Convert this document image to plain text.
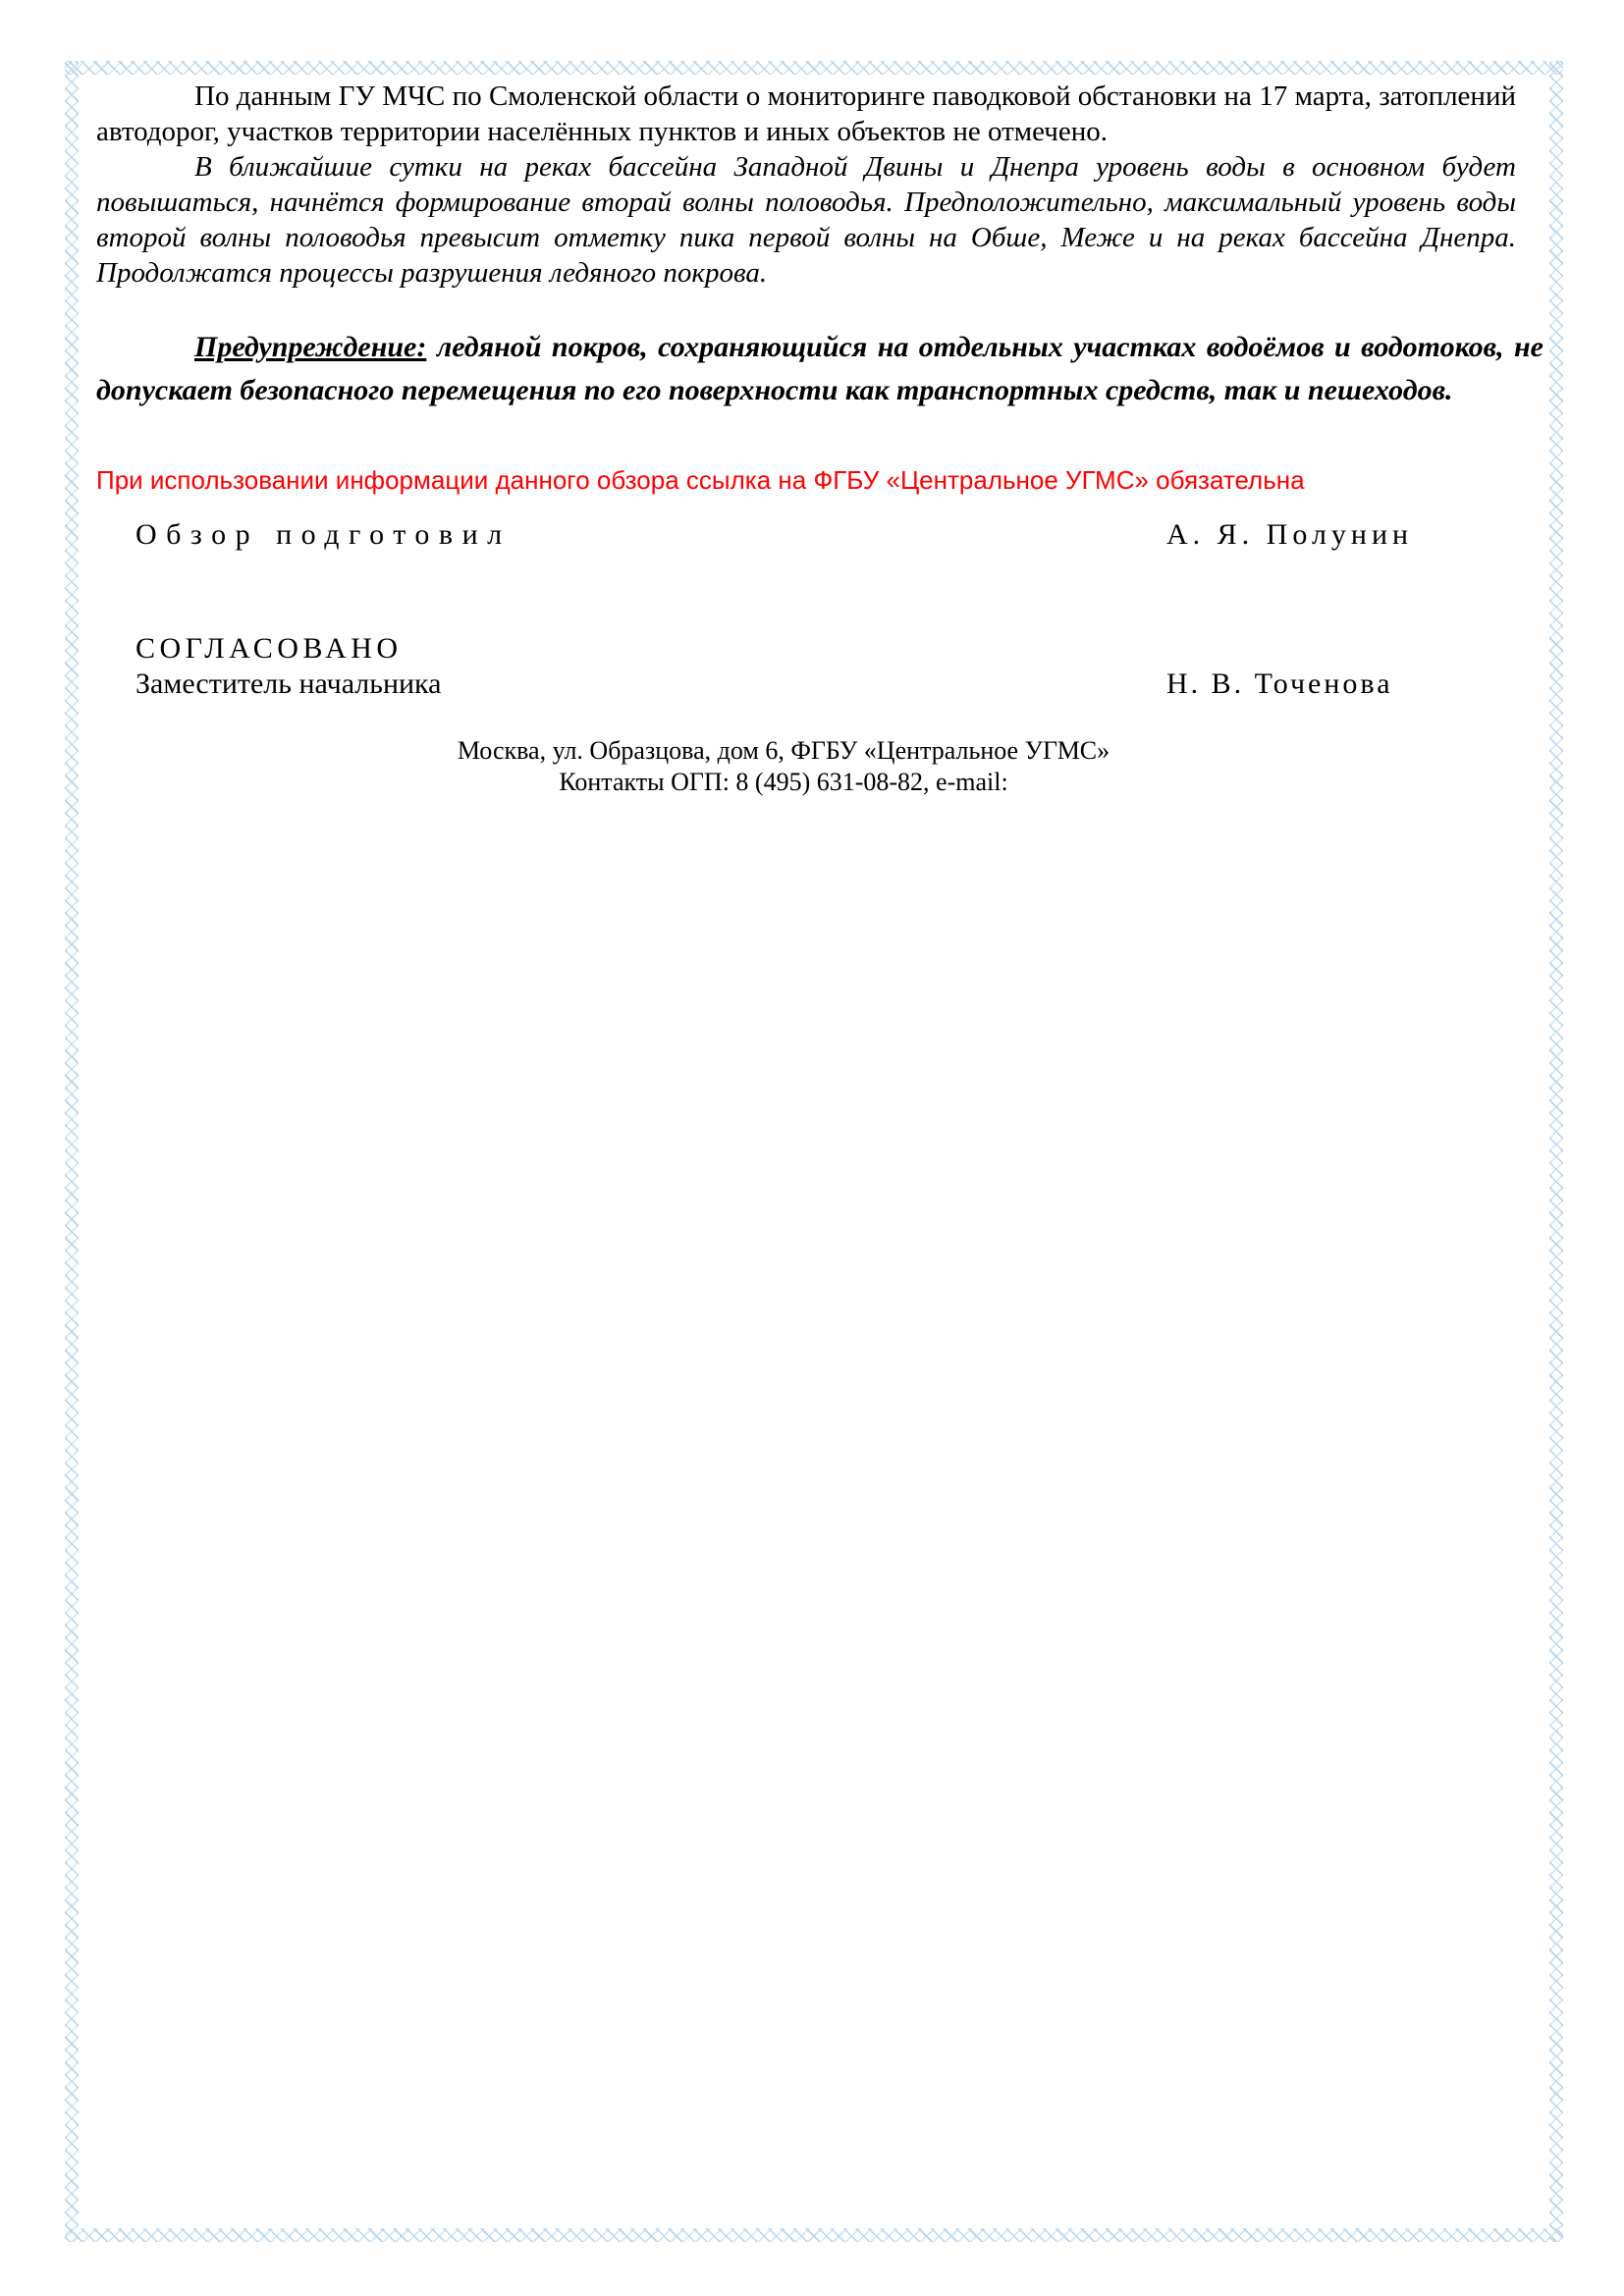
По данным ГУ МЧС по Смоленской области о мониторинге паводковой обстановки на 17 марта, затоплений автодорог, участков территории населённых пунктов и иных объектов не отмечено.

В ближайшие сутки на реках бассейна Западной Двины и Днепра уровень воды в основном будет повышаться, начнётся формирование вторай волны половодья. Предположительно, максимальный уровень воды второй волны половодья превысит отметку пика первой волны на Обше, Меже и на реках бассейна Днепра. Продолжатся процессы разрушения ледяного покрова.

Предупреждение: ледяной покров, сохраняющийся на отдельных участках водоёмов и водотоков, не допускает безопасного перемещения по его поверхности как транспортных средств, так и пешеходов.

При использовании информации данного обзора ссылка на ФГБУ «Центральное УГМС» обязательна

Обзор подготовил	А. Я. Полунин
СОГЛАСОВАНО
Заместитель начальника	Н. В. Точенова
Москва, ул. Образцова, дом 6, ФГБУ «Центральное УГМС»
Контакты ОГП: 8 (495) 631-08-82, e-mail:
